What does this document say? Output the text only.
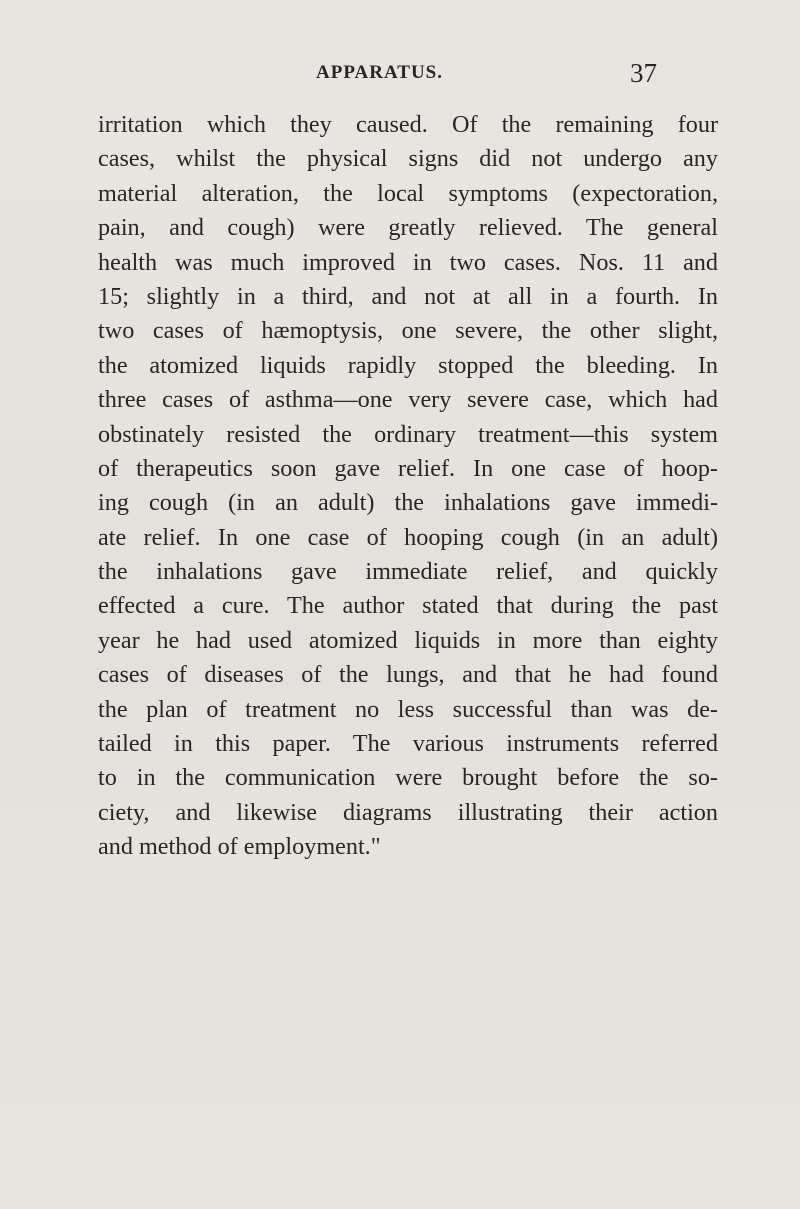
APPARATUS.	37
irritation which they caused. Of the remaining four
cases, whilst the physical signs did not undergo any
material alteration, the local symptoms (expectoration,
pain, and cough) were greatly relieved. The general
health was much improved in two cases. Nos. 11 and
15; slightly in a third, and not at all in a fourth. In
two cases of hæmoptysis, one severe, the other slight,
the atomized liquids rapidly stopped the bleeding. In
three cases of asthma—one very severe case, which had
obstinately resisted the ordinary treatment—this system
of therapeutics soon gave relief. In one case of hoop-
ing cough (in an adult) the inhalations gave immedi-
ate relief. In one case of hooping cough (in an adult)
the inhalations gave immediate relief, and quickly
effected a cure. The author stated that during the past
year he had used atomized liquids in more than eighty
cases of diseases of the lungs, and that he had found
the plan of treatment no less successful than was de-
tailed in this paper. The various instruments referred
to in the communication were brought before the so-
ciety, and likewise diagrams illustrating their action
and method of employment."
